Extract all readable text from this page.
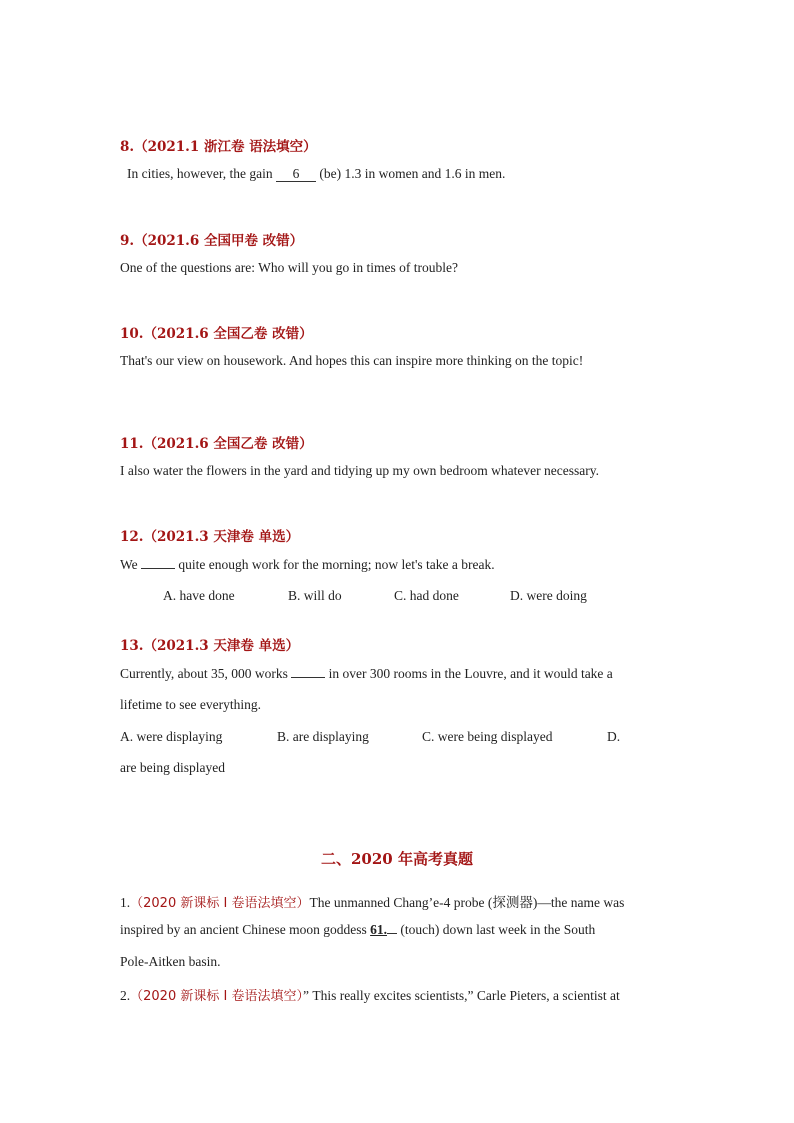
8.（2021.1 浙江卷 语法填空）
In cities, however, the gain 6 (be) 1.3 in women and 1.6 in men.
9.（2021.6 全国甲卷 改错）
One of the questions are: Who will you go in times of trouble?
10.（2021.6 全国乙卷 改错）
That's our view on housework. And hopes this can inspire more thinking on the topic!
11.（2021.6 全国乙卷 改错）
I also water the flowers in the yard and tidying up my own bedroom whatever necessary.
12.（2021.3 天津卷 单选）
We	quite enough work for the morning; now let's take a break.
A. have done	B. will do	C. had done	D. were doing
13.（2021.3 天津卷 单选）
Currently, about 35, 000 works	in over 300 rooms in the Louvre, and it would take a
lifetime to see everything.
A. were displaying	B. are displaying	C. were being displayed	D.
are being displayed
二、2020 年高考真题
1.（2020 新课标 I 卷语法填空）The unmanned Chang’e-4 probe (探测器)—the name was
inspired by an ancient Chinese moon goddess 61. (touch) down last week in the South
Pole-Aitken basin.
2.（2020 新课标 I 卷语法填空）” This really excites scientists,” Carle Pieters, a scientist at
